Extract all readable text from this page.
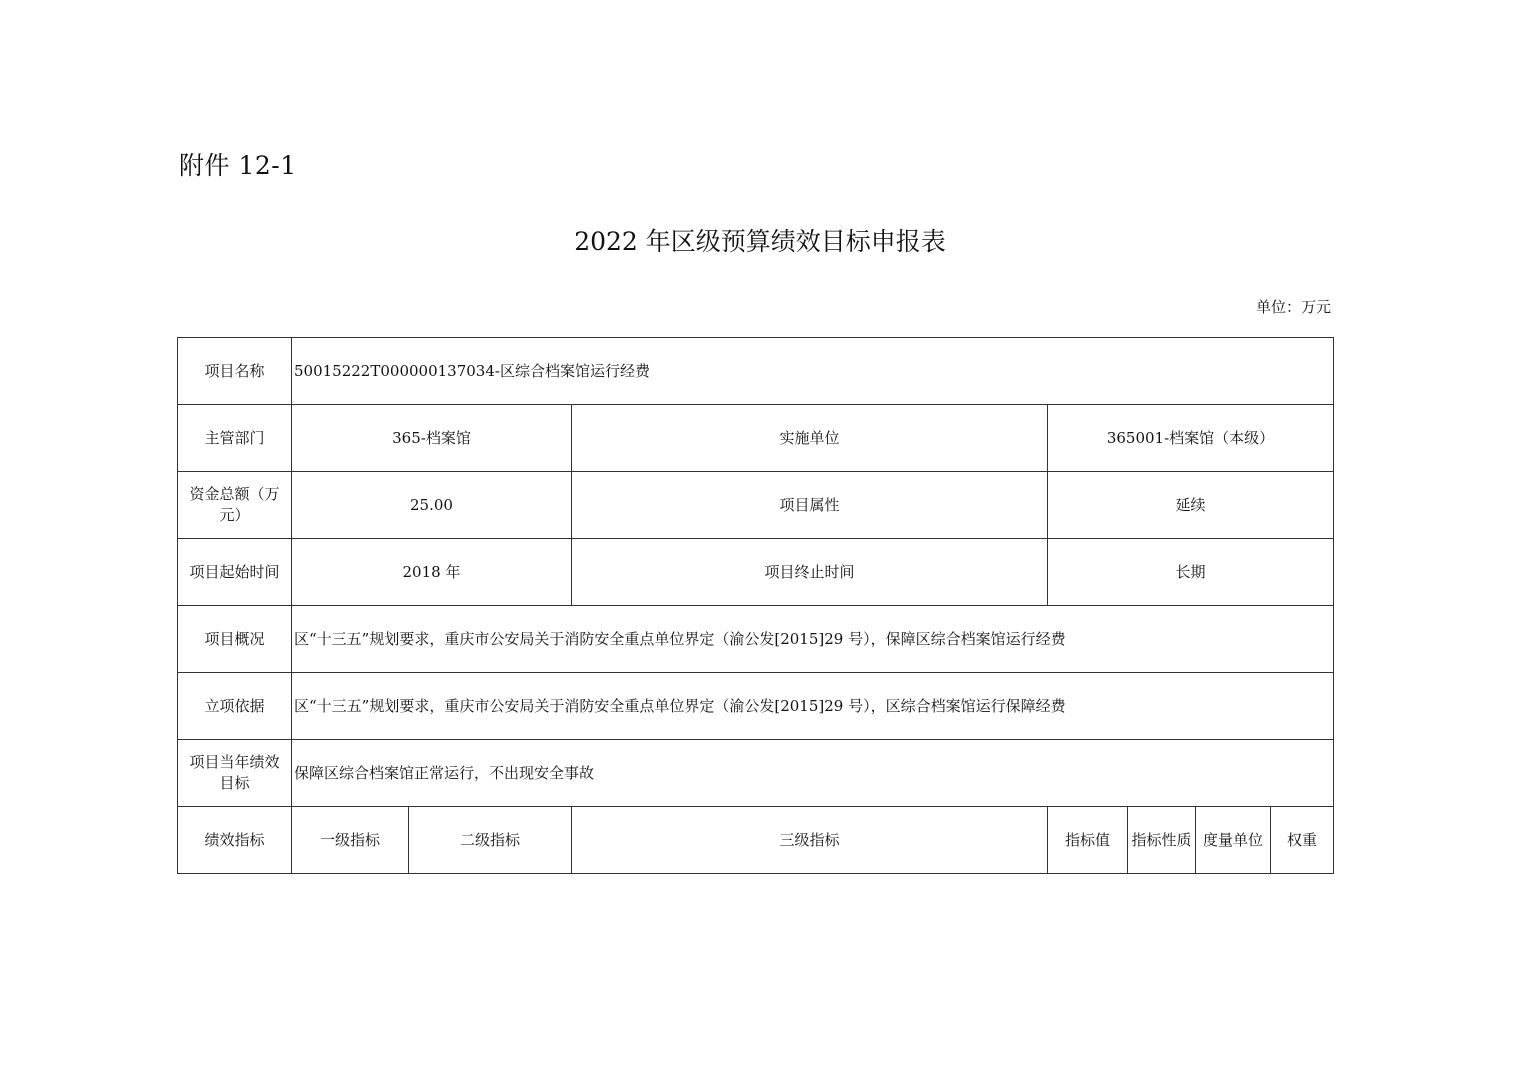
附件 12-1
2022 年区级预算绩效目标申报表
单位：万元
项目名称	50015222T000000137034-区综合档案馆运行经费						
主管部门	365-档案馆		实施单位	365001-档案馆（本级）			
资金总额（万元）	25.00		项目属性	延续			
项目起始时间	2018 年		项目终止时间	长期			
项目概况	区“十三五”规划要求，重庆市公安局关于消防安全重点单位界定（渝公发[2015]29 号），保障区综合档案馆运行经费						
立项依据	区“十三五”规划要求，重庆市公安局关于消防安全重点单位界定（渝公发[2015]29 号），区综合档案馆运行保障经费						
项目当年绩效目标	保障区综合档案馆正常运行，不出现安全事故						
绩效指标	一级指标	二级指标	三级指标	指标值	指标性质	度量单位	权重
